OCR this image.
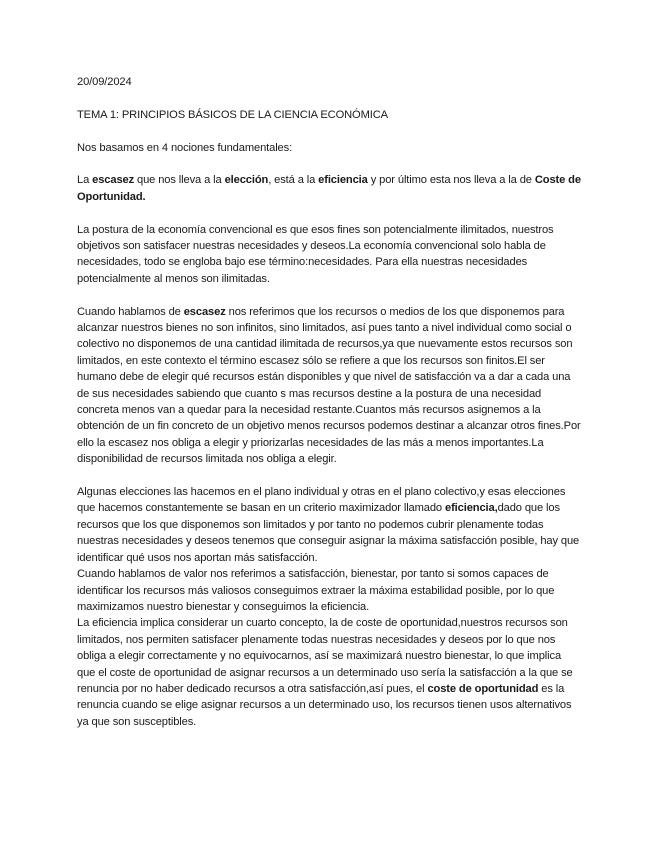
20/09/2024
TEMA 1: PRINCIPIOS BÁSICOS DE LA CIENCIA ECONÓMICA
Nos basamos en 4 nociones fundamentales:
La escasez que nos lleva a la elección, está a la eficiencia y por último esta nos lleva a la de Coste de Oportunidad.
La postura de la economía convencional es que esos fines son potencialmente ilimitados, nuestros objetivos son satisfacer nuestras necesidades y deseos.La economía convencional solo habla de necesidades, todo se engloba bajo ese término:necesidades. Para ella nuestras necesidades potencialmente al menos son ilimitadas.
Cuando hablamos de escasez nos referimos que los recursos o medios de los que disponemos para alcanzar nuestros bienes no son infinitos, sino limitados, así pues tanto a nivel individual como social o colectivo no disponemos de una cantidad ilimitada de recursos,ya que nuevamente estos recursos son limitados, en este contexto el término escasez sólo se refiere a que los recursos son finitos.El ser humano debe de elegir qué recursos están disponibles y que nivel de satisfacción va a dar a cada una de sus necesidades sabiendo que cuanto s mas recursos destine a la postura de una necesidad concreta menos van a quedar para la necesidad restante.Cuantos más recursos asignemos a la obtención de un fin concreto de un objetivo menos recursos podemos destinar a alcanzar otros fines.Por ello la escasez nos obliga a elegir y priorizarlas necesidades de las más a menos importantes.La disponibilidad de recursos limitada nos obliga a elegir.
Algunas elecciones las hacemos en el plano individual y otras en el plano colectivo,y esas elecciones que hacemos constantemente se basan en un criterio maximizador llamado eficiencia,dado que los recursos que los que disponemos son limitados y por tanto no podemos cubrir plenamente todas nuestras necesidades y deseos tenemos que conseguir asignar la máxima satisfacción posible, hay que identificar qué usos nos aportan más satisfacción.
Cuando hablamos de valor nos referimos a satisfacción, bienestar, por tanto si somos capaces de identificar los recursos más valiosos conseguimos extraer la máxima estabilidad posible, por lo que maximizamos nuestro bienestar y conseguimos la eficiencia.
La eficiencia implica considerar un cuarto concepto, la de coste de oportunidad,nuestros recursos son limitados, nos permiten satisfacer plenamente todas nuestras necesidades y deseos por lo que nos obliga a elegir correctamente y no equivocarnos, así se maximizará nuestro bienestar, lo que implica que el coste de oportunidad de asignar recursos a un determinado uso sería la satisfacción a la que se renuncia por no haber dedicado recursos a otra satisfacción,así pues, el coste de oportunidad es la renuncia cuando se elige asignar recursos a un determinado uso, los recursos tienen usos alternativos ya que son susceptibles.
